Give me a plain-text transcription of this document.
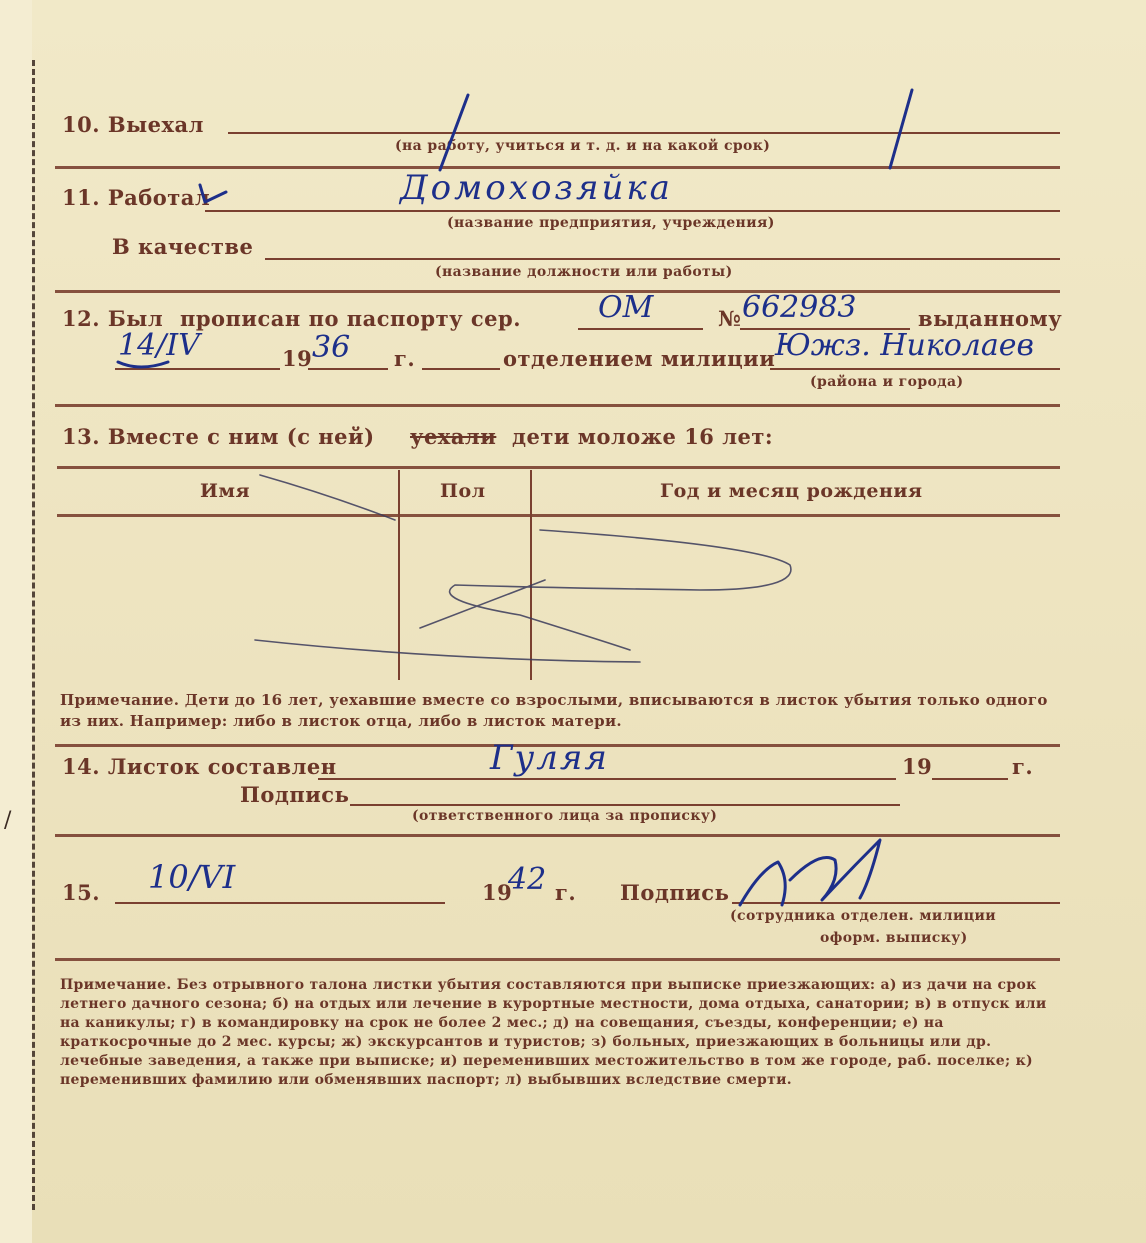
/
10. Выехал
(на работу, учиться и т. д. и на какой срок)
11. Работал	Домохозяйка
(название предприятия, учреждения)
В качестве
(название должности или работы)
12. Был прописан по паспорту сер.	ОМ	№ 662983	выданному
14/IV	19 36 г.	отделением милиции Южз. Николаев
(района и города)
13. Вместе с ним (с ней) уехали дети моложе 16 лет:
Имя	Пол	Год и месяц рождения
Примечание. Дети до 16 лет, уехавшие вместе со взрослыми, вписываются в листок убытия только одного из них. Например: либо в листок отца, либо в листок матери.
14. Листок составлен	Гуляя	19	г.
Подпись
(ответственного лица за прописку)
15. 10/VI	19
42 г. Подпись
(сотрудника отделен. милиции
оформ. выписку)
Примечание. Без отрывного талона листки убытия составляются при выписке приезжающих: а) из дачи на срок летнего дачного сезона; б) на отдых или лечение в курортные местности, дома отдыха, санатории; в) в отпуск или на каникулы; г) в командировку на срок не более 2 мес.; д) на совещания, съезды, конференции; е) на краткосрочные до 2 мес. курсы; ж) экскурсантов и туристов; з) больных, приезжающих в больницы или др. лечебные заведения, а также при выписке; и) переменивших местожительство в том же городе, раб. поселке; к) переменивших фамилию или обменявших паспорт; л) выбывших вследствие смерти.
